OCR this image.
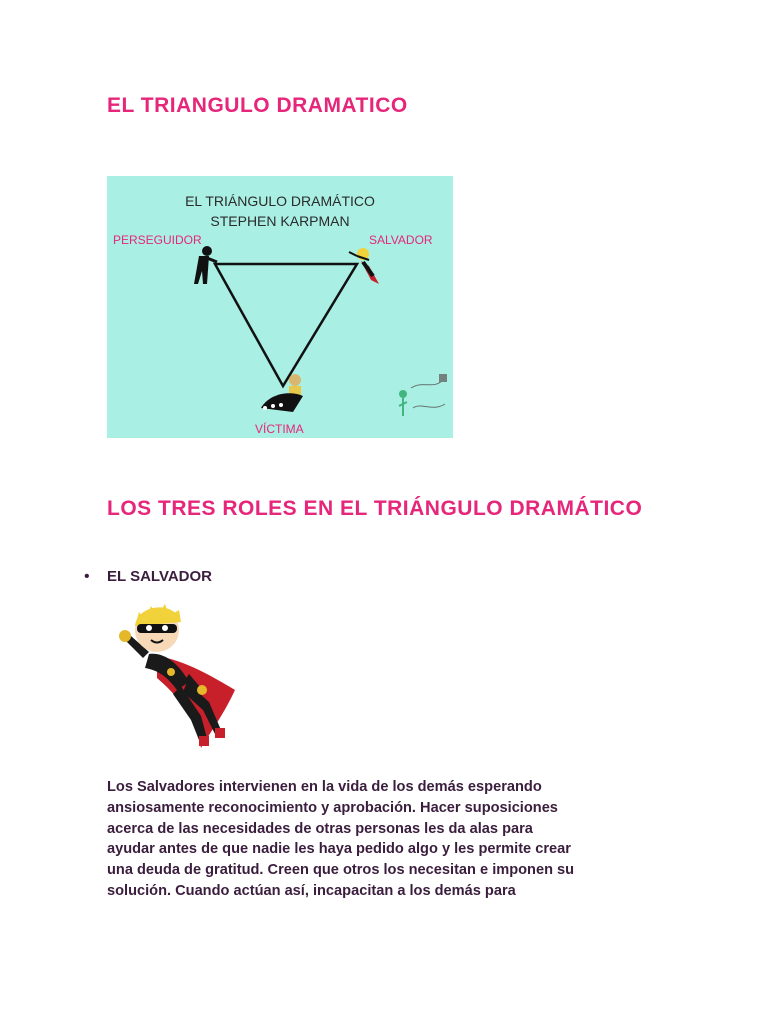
EL TRIANGULO DRAMATICO
EL TRIÁNGULO DRAMÁTICO
STEPHEN KARPMAN
PERSEGUIDOR	SALVADOR
VÍCTIMA
LOS TRES ROLES EN EL TRIÁNGULO DRAMÁTICO
• EL SALVADOR
Los Salvadores intervienen en la vida de los demás esperando
ansiosamente reconocimiento y aprobación. Hacer suposiciones
acerca de las necesidades de otras personas les da alas para
ayudar antes de que nadie les haya pedido algo y les permite crear
una deuda de gratitud. Creen que otros los necesitan e imponen su
solución. Cuando actúan así, incapacitan a los demás para
